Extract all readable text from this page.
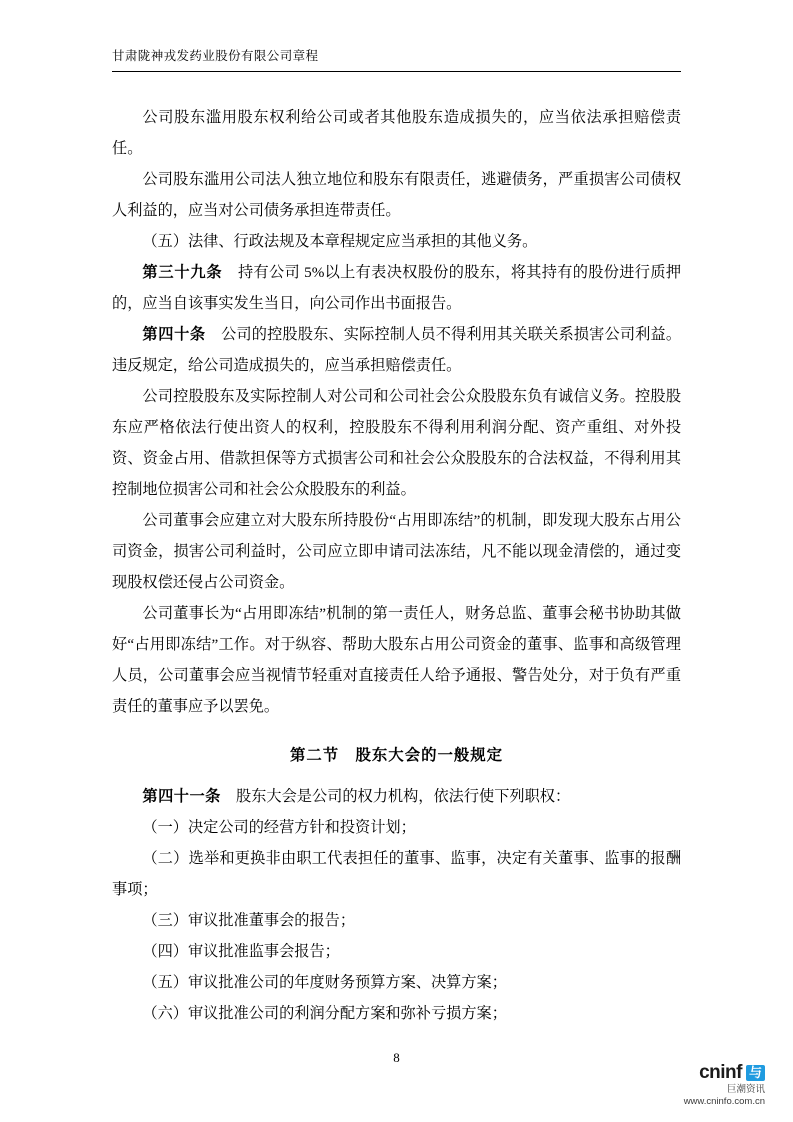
甘肃陇神戎发药业股份有限公司章程

公司股东滥用股东权利给公司或者其他股东造成损失的，应当依法承担赔偿责任。

公司股东滥用公司法人独立地位和股东有限责任，逃避债务，严重损害公司债权人利益的，应当对公司债务承担连带责任。

（五）法律、行政法规及本章程规定应当承担的其他义务。

第三十九条　 持有公司 5%以上有表决权股份的股东，将其持有的股份进行质押的，应当自该事实发生当日，向公司作出书面报告。

第四十条　 公司的控股股东、实际控制人员不得利用其关联关系损害公司利益。违反规定，给公司造成损失的，应当承担赔偿责任。

公司控股股东及实际控制人对公司和公司社会公众股股东负有诚信义务。控股股东应严格依法行使出资人的权利，控股股东不得利用利润分配、资产重组、对外投资、资金占用、借款担保等方式损害公司和社会公众股股东的合法权益，不得利用其控制地位损害公司和社会公众股股东的利益。

公司董事会应建立对大股东所持股份“占用即冻结”的机制，即发现大股东占用公司资金，损害公司利益时，公司应立即申请司法冻结，凡不能以现金清偿的，通过变现股权偿还侵占公司资金。

公司董事长为“占用即冻结”机制的第一责任人，财务总监、董事会秘书协助其做好“占用即冻结”工作。对于纵容、帮助大股东占用公司资金的董事、监事和高级管理人员，公司董事会应当视情节轻重对直接责任人给予通报、警告处分，对于负有严重责任的董事应予以罢免。

第二节　股东大会的一般规定

第四十一条　 股东大会是公司的权力机构，依法行使下列职权：

（一）决定公司的经营方针和投资计划；

（二）选举和更换非由职工代表担任的董事、监事，决定有关董事、监事的报酬事项；

（三）审议批准董事会的报告；

（四）审议批准监事会报告；

（五）审议批准公司的年度财务预算方案、决算方案；

（六）审议批准公司的利润分配方案和弥补亏损方案；

8
cninf 与
巨潮资讯
www.cninfo.com.cn
